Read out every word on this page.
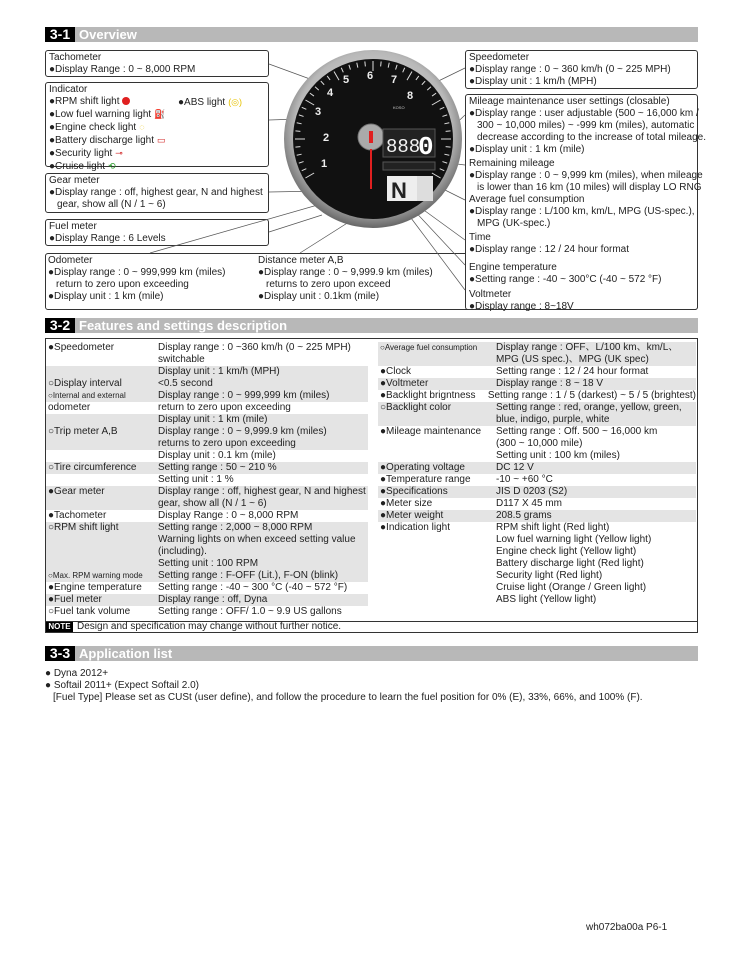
3-1 Overview
Tachometer
●Display Range : 0 ~ 8,000 RPM
Indicator
●RPM shift light
●Low fuel warning light ⛽
●Engine check light ◌
●Battery discharge light ▭
●Security light ⊸
●Cruise light ⟲
●ABS light (◎)
Gear meter
●Display range : off, highest gear, N and highest
gear, show all (N / 1 ~ 6)
Fuel meter
●Display Range : 6 Levels
Odometer
●Display range : 0 ~ 999,999 km (miles)
return to zero upon exceeding
●Display unit : 1 km (mile)
Distance meter A,B
●Display range : 0 ~ 9,999.9 km (miles)
returns to zero upon exceed
●Display unit : 0.1km (mile)
Speedometer
●Display range : 0 ~ 360 km/h (0 ~ 225 MPH)
●Display unit : 1 km/h (MPH)
Mileage maintenance user settings (closable)
●Display range : user adjustable (500 ~ 16,000 km /
300 ~ 10,000 miles) ~ -999 km (miles), automatic
decrease according to the increase of total mileage.
●Display unit : 1 km (mile)
Remaining mileage
●Display range : 0 ~ 9,999 km (miles), when mileage
is lower than 16 km (10 miles) will display LO RNG
Average fuel consumption
●Display range : L/100 km, km/L, MPG (US-spec.),
MPG (UK-spec.)
Time
●Display range : 12 / 24 hour format
Engine temperature
●Setting range : -40 ~ 300°C (-40 ~ 572 °F)
Voltmeter
●Display range : 8~18V
1
2
3
4
5 6 7
8
888
0
N
KOSO
3-2 Features and settings description
●Speedometer	Display range : 0 ~360 km/h (0 ~ 225 MPH)
switchable
Display unit : 1 km/h (MPH)
○Display interval	<0.5 second
○Internal and external	Display range : 0 ~ 999,999 km (miles)
odometer	return to zero upon exceeding
Display unit : 1 km (mile)
○Trip meter A,B	Display range : 0 ~ 9,999.9 km (miles)
returns to zero upon exceeding
Display unit : 0.1 km (mile)
○Tire circumference	Setting range : 50 ~ 210 %
Setting unit : 1 %
●Gear meter	Display range : off, highest gear, N and highest
gear, show all (N / 1 ~ 6)
●Tachometer	Display Range : 0 ~ 8,000 RPM
○RPM shift light	Setting range : 2,000 ~ 8,000 RPM
Warning lights on when exceed setting value
(including).
Setting unit : 100 RPM
○Max. RPM warning mode	Setting range : F-OFF (Lit.), F-ON (blink)
●Engine temperature	Setting range : -40 ~ 300 °C (-40 ~ 572 °F)
●Fuel meter	Display range : off, Dyna
○Fuel tank volume	Setting range : OFF/ 1.0 ~ 9.9 US gallons
○Average fuel consumption	Display range : OFF、L/100 km、km/L、
MPG (US spec.)、MPG (UK spec)
●Clock	Setting range : 12 / 24 hour format
●Voltmeter	Display range : 8 ~ 18 V
●Backlight brigntness	Setting range : 1 / 5 (darkest) ~ 5 / 5 (brightest)
○Backlight color	Setting range : red, orange, yellow, green,
blue, indigo, purple, white
●Mileage maintenance	Setting range : Off. 500 ~ 16,000 km
(300 ~ 10,000 mile)
Setting unit : 100 km (miles)
●Operating voltage	DC 12 V
●Temperature range	-10 ~ +60 °C
●Specifications	JIS D 0203 (S2)
●Meter size	D117 X 45 mm
●Meter weight	208.5 grams
●Indication light	RPM shift light (Red light)
Low fuel warning light (Yellow light)
Engine check light (Yellow light)
Battery discharge light (Red light)
Security light (Red light)
Cruise light (Orange / Green light)
ABS light (Yellow light)
NOTE Design and specification may change without further notice.
3-3 Application list
● Dyna 2012+
● Softail 2011+ (Expect Softail 2.0)
[Fuel Type] Please set as CUSt (user define), and follow the procedure to learn the fuel position for 0% (E), 33%, 66%, and 100% (F).
wh072ba00a P6-1
